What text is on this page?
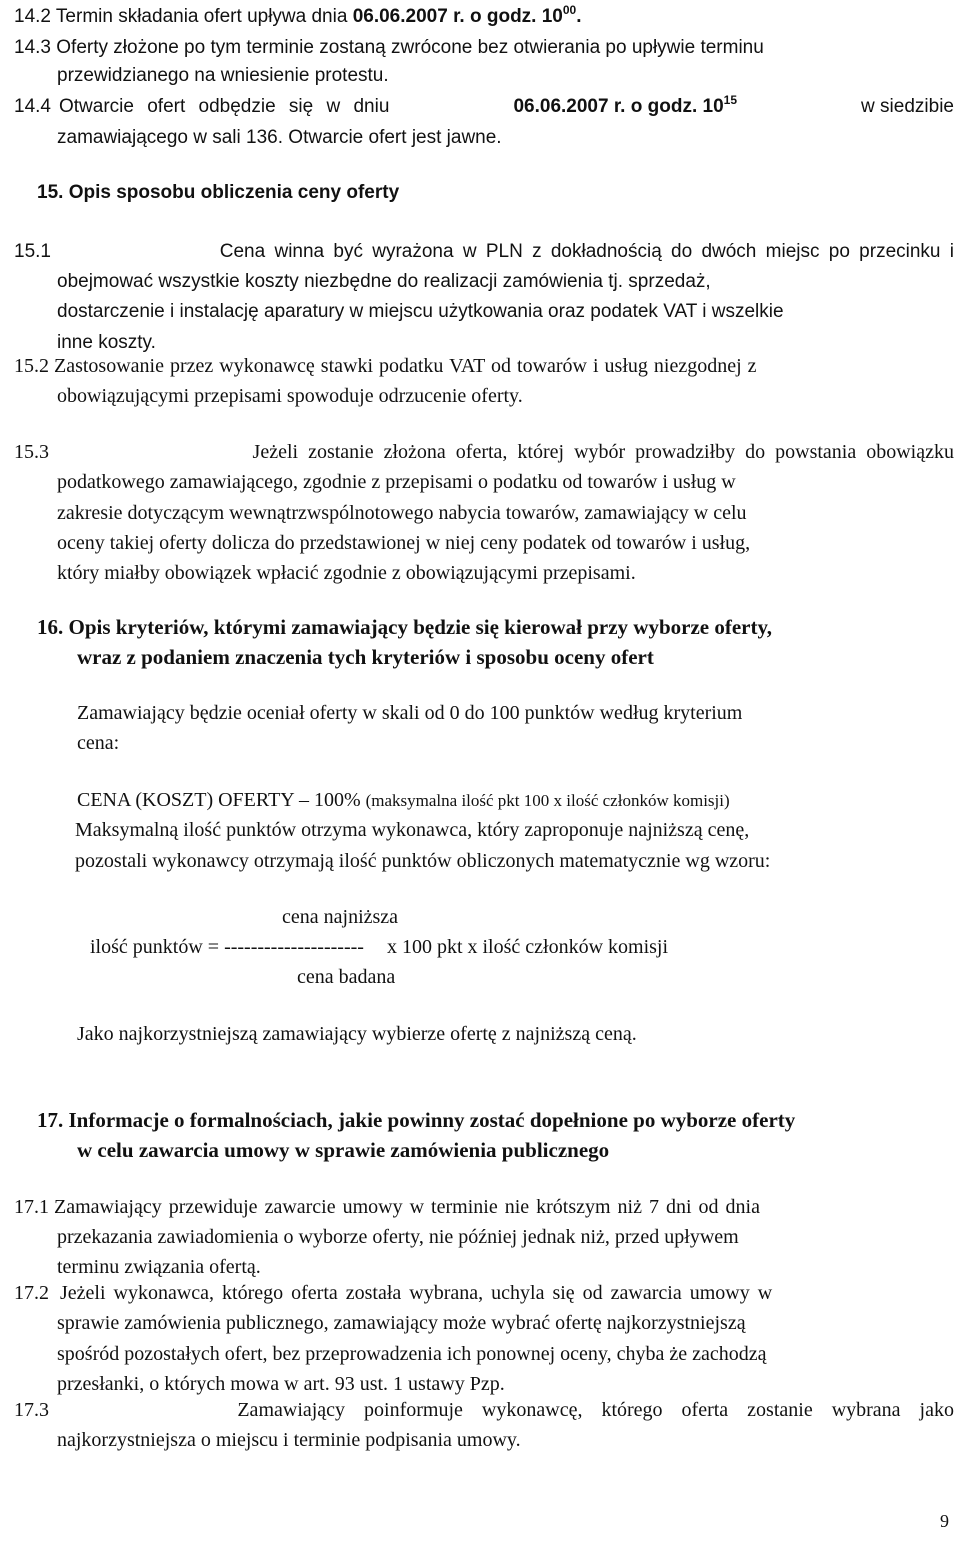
14.2 Termin składania ofert upływa dnia 06.06.2007 r. o godz. $10^{00}$.
14.3 Oferty złożone po tym terminie zostaną zwrócone bez otwierania po upływie terminu
przewidzianego na wniesienie protestu.
14.4 Otwarcie ofert odbędzie się w dniu	06.06.2007 r. o godz. $10^{15}$	w siedzibie
zamawiającego w sali 136. Otwarcie ofert jest jawne.
15. Opis sposobu obliczenia ceny oferty
15.1	Cena winna być wyrażona w PLN z dokładnością do dwóch miejsc po przecinku i
obejmować wszystkie koszty niezbędne do realizacji zamówienia tj. sprzedaż,
dostarczenie i instalację aparatury w miejscu użytkowania oraz podatek VAT i wszelkie
inne koszty.
15.2 Zastosowanie przez wykonawcę stawki podatku VAT od towarów i usług niezgodnej z
obowiązującymi przepisami spowoduje odrzucenie oferty.
15.3	Jeżeli zostanie złożona oferta, której wybór prowadziłby do powstania obowiązku
podatkowego zamawiającego, zgodnie z przepisami o podatku od towarów i usług w
zakresie dotyczącym wewnątrzwspólnotowego nabycia towarów, zamawiający w celu
oceny takiej oferty dolicza do przedstawionej w niej ceny podatek od towarów i usług,
który miałby obowiązek wpłacić zgodnie z obowiązującymi przepisami.
16. Opis kryteriów, którymi zamawiający będzie się kierował przy wyborze oferty,
wraz z podaniem znaczenia tych kryteriów i sposobu oceny ofert
Zamawiający będzie oceniał oferty w skali od 0 do 100 punktów według kryterium
cena:
CENA (KOSZT) OFERTY – 100% (maksymalna ilość pkt 100 x ilość członków komisji)
Maksymalną ilość punktów otrzyma wykonawca, który zaproponuje najniższą cenę,
pozostali wykonawcy otrzymają ilość punktów obliczonych matematycznie wg wzoru:
cena najniższa
ilość punktów = --------------------- x 100 pkt x ilość członków komisji
cena badana
Jako najkorzystniejszą zamawiający wybierze ofertę z najniższą ceną.
17. Informacje o formalnościach, jakie powinny zostać dopełnione po wyborze oferty
w celu zawarcia umowy w sprawie zamówienia publicznego
17.1 Zamawiający przewiduje zawarcie umowy w terminie nie krótszym niż 7 dni od dnia
przekazania zawiadomienia o wyborze oferty, nie później jednak niż, przed upływem
terminu związania ofertą.
17.2 Jeżeli wykonawca, którego oferta została wybrana, uchyla się od zawarcia umowy w
sprawie zamówienia publicznego, zamawiający może wybrać ofertę najkorzystniejszą
spośród pozostałych ofert, bez przeprowadzenia ich ponownej oceny, chyba że zachodzą
przesłanki, o których mowa w art. 93 ust. 1 ustawy Pzp.
17.3	Zamawiający poinformuje wykonawcę, którego oferta zostanie wybrana jako
najkorzystniejsza o miejscu i terminie podpisania umowy.
9
